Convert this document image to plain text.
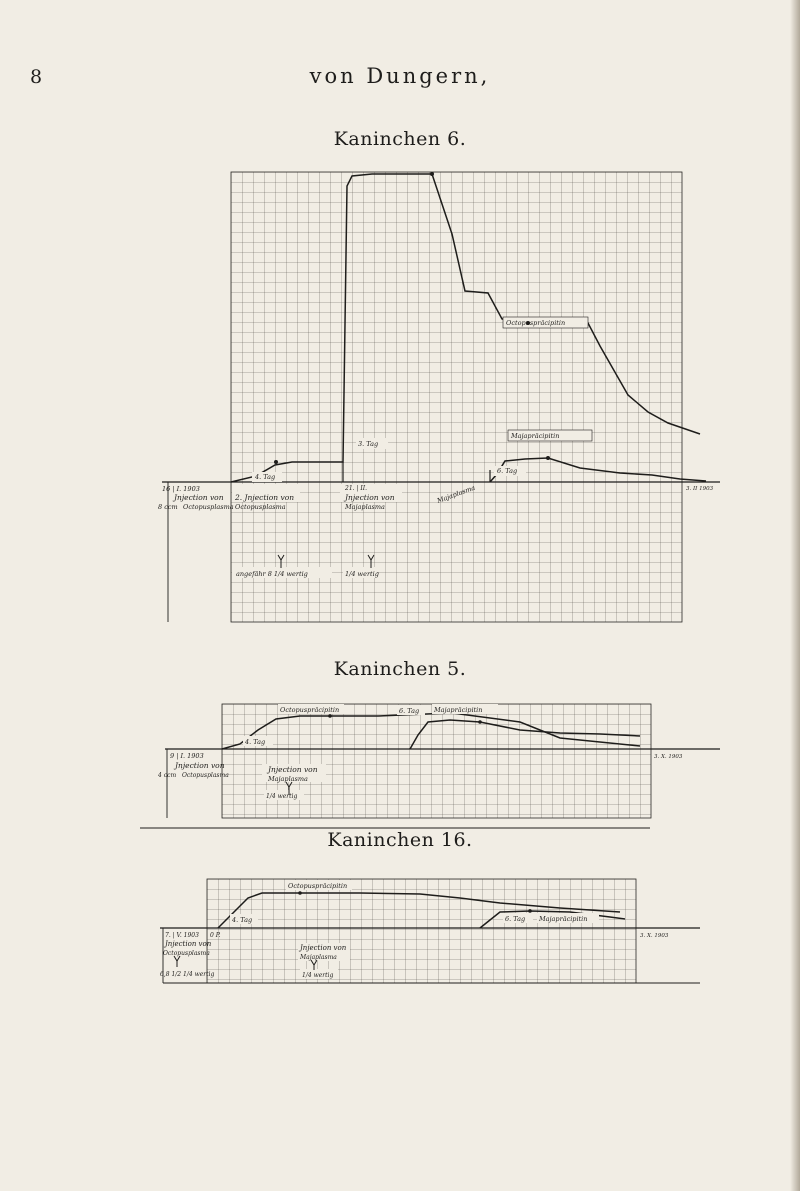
8	von Dungern,
Kaninchen 6.
Kaninchen 5.
Kaninchen 16.
16 | I. 1903
Jnjection von
8 ccm Octopusplasma
2. Jnjection von
Octopusplasma
21. | II.
Jnjection von
Majaplasma
angefähr 8 1/4 wertig	1/4 wertig
Octopuspräcipitin
Majapräcipitin
4. Tag
3. Tag
6. Tag
Majaplasma	3. II 1903
9 | I. 1903
Jnjection von
4 ccm Octopusplasma
Jnjection von
Majaplasma
1/4 wertig
Octopuspräcipitin	Majapräcipitin
4. Tag
6. Tag
3. X. 1903
7. | V. 1903
Jnjection von
Octopusplasma
6,8 1/2 1/4 wertig
0 P.
Jnjection von
Majaplasma
1/4 wertig
Octopuspräcipitin
Majapräcipitin
4. Tag	6. Tag
3. X. 1903
